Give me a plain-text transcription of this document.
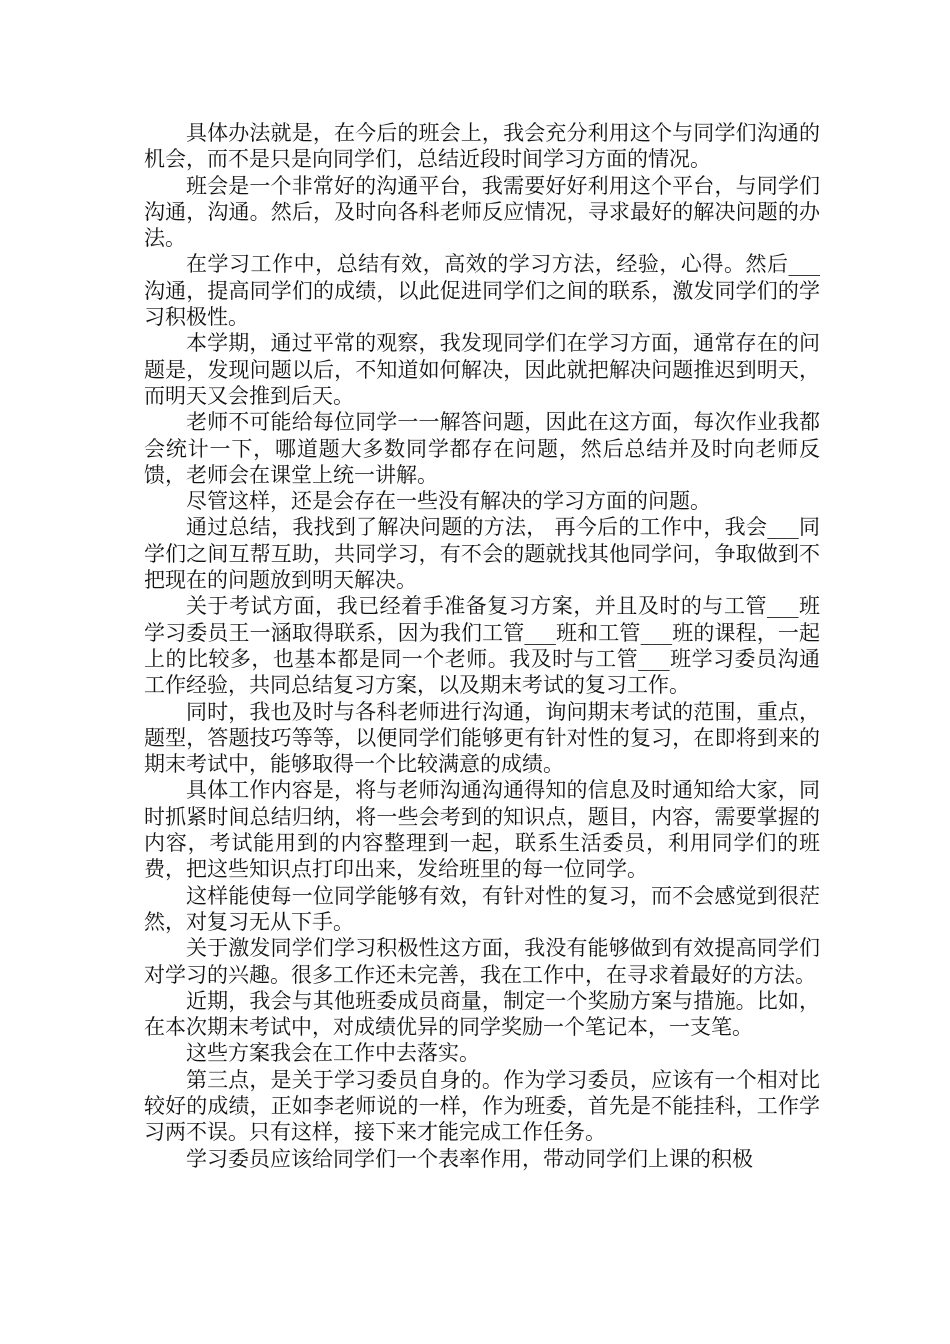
具体办法就是，在今后的班会上，我会充分利用这个与同学们沟通的机会，而不是只是向同学们，总结近段时间学习方面的情况。

班会是一个非常好的沟通平台，我需要好好利用这个平台，与同学们沟通，沟通。然后，及时向各科老师反应情况，寻求最好的解决问题的办法。

在学习工作中，总结有效，高效的学习方法，经验，心得。然后___沟通，提高同学们的成绩，以此促进同学们之间的联系，激发同学们的学习积极性。

本学期，通过平常的观察，我发现同学们在学习方面，通常存在的问题是，发现问题以后，不知道如何解决，因此就把解决问题推迟到明天，而明天又会推到后天。

老师不可能给每位同学一一解答问题，因此在这方面，每次作业我都会统计一下，哪道题大多数同学都存在问题，然后总结并及时向老师反馈，老师会在课堂上统一讲解。

尽管这样，还是会存在一些没有解决的学习方面的问题。

通过总结，我找到了解决问题的方法， 再今后的工作中，我会___同学们之间互帮互助，共同学习，有不会的题就找其他同学问，争取做到不把现在的问题放到明天解决。

关于考试方面，我已经着手准备复习方案，并且及时的与工管___班学习委员王一涵取得联系，因为我们工管___班和工管___班的课程，一起上的比较多，也基本都是同一个老师。我及时与工管___班学习委员沟通工作经验，共同总结复习方案，以及期末考试的复习工作。

同时，我也及时与各科老师进行沟通，询问期末考试的范围，重点，题型，答题技巧等等，以便同学们能够更有针对性的复习，在即将到来的期末考试中，能够取得一个比较满意的成绩。

具体工作内容是，将与老师沟通沟通得知的信息及时通知给大家，同时抓紧时间总结归纳，将一些会考到的知识点，题目，内容，需要掌握的内容，考试能用到的内容整理到一起，联系生活委员，利用同学们的班费，把这些知识点打印出来，发给班里的每一位同学。

这样能使每一位同学能够有效，有针对性的复习，而不会感觉到很茫然，对复习无从下手。

关于激发同学们学习积极性这方面，我没有能够做到有效提高同学们对学习的兴趣。很多工作还未完善，我在工作中，在寻求着最好的方法。

近期，我会与其他班委成员商量，制定一个奖励方案与措施。比如，在本次期末考试中，对成绩优异的同学奖励一个笔记本，一支笔。

这些方案我会在工作中去落实。

第三点，是关于学习委员自身的。作为学习委员，应该有一个相对比较好的成绩，正如李老师说的一样，作为班委，首先是不能挂科，工作学习两不误。只有这样，接下来才能完成工作任务。

学习委员应该给同学们一个表率作用，带动同学们上课的积极
